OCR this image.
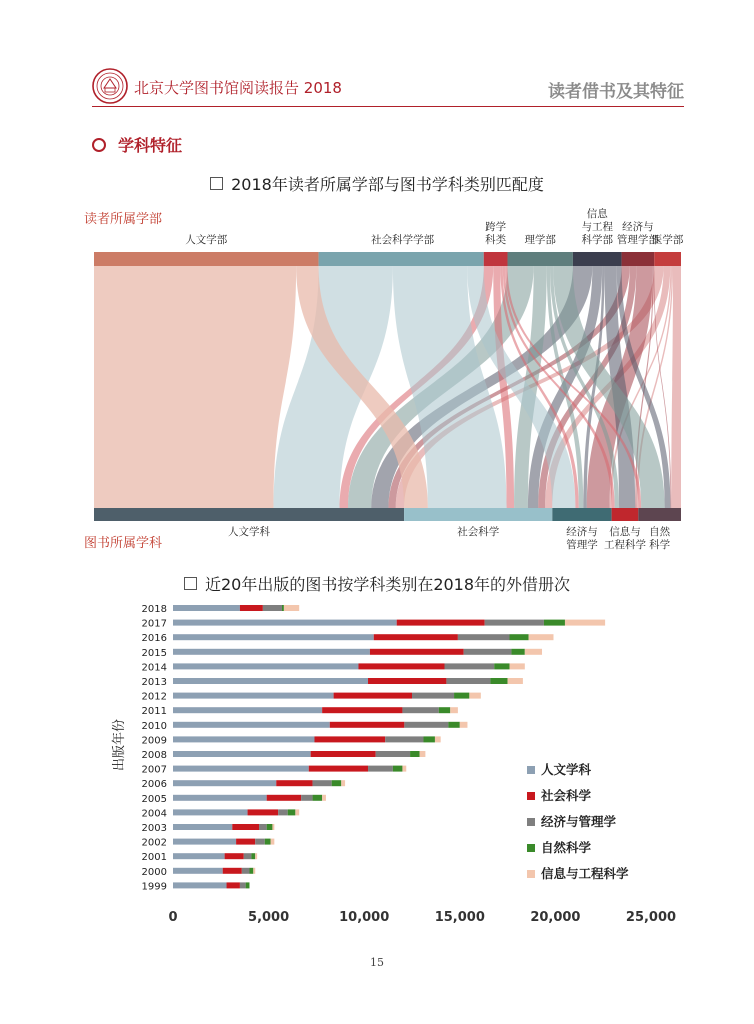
北京大学图书馆阅读报告 2018	读者借书及其特征
学科特征
2018年读者所属学部与图书学科类别匹配度
读者所属学部
图书所属学科
人文学部	社会科学学部
跨学
科类	理学部
信息
与工程
科学部
经济与
管理学部
医学部
人文学科	社会科学	经济与
管理学
信息与
工程科学
自然
科学
近20年出版的图书按学科类别在2018年的外借册次
出版年份
2018
2017
2016
2015
2014
2013
2012
2011
2010
2009
2008
2007
2006
2005
2004
2003
2002
2001
2000
1999
0	5,000	10,000	15,000	20,000	25,000
人文学科
社会科学
经济与管理学
自然科学
信息与工程科学
15
